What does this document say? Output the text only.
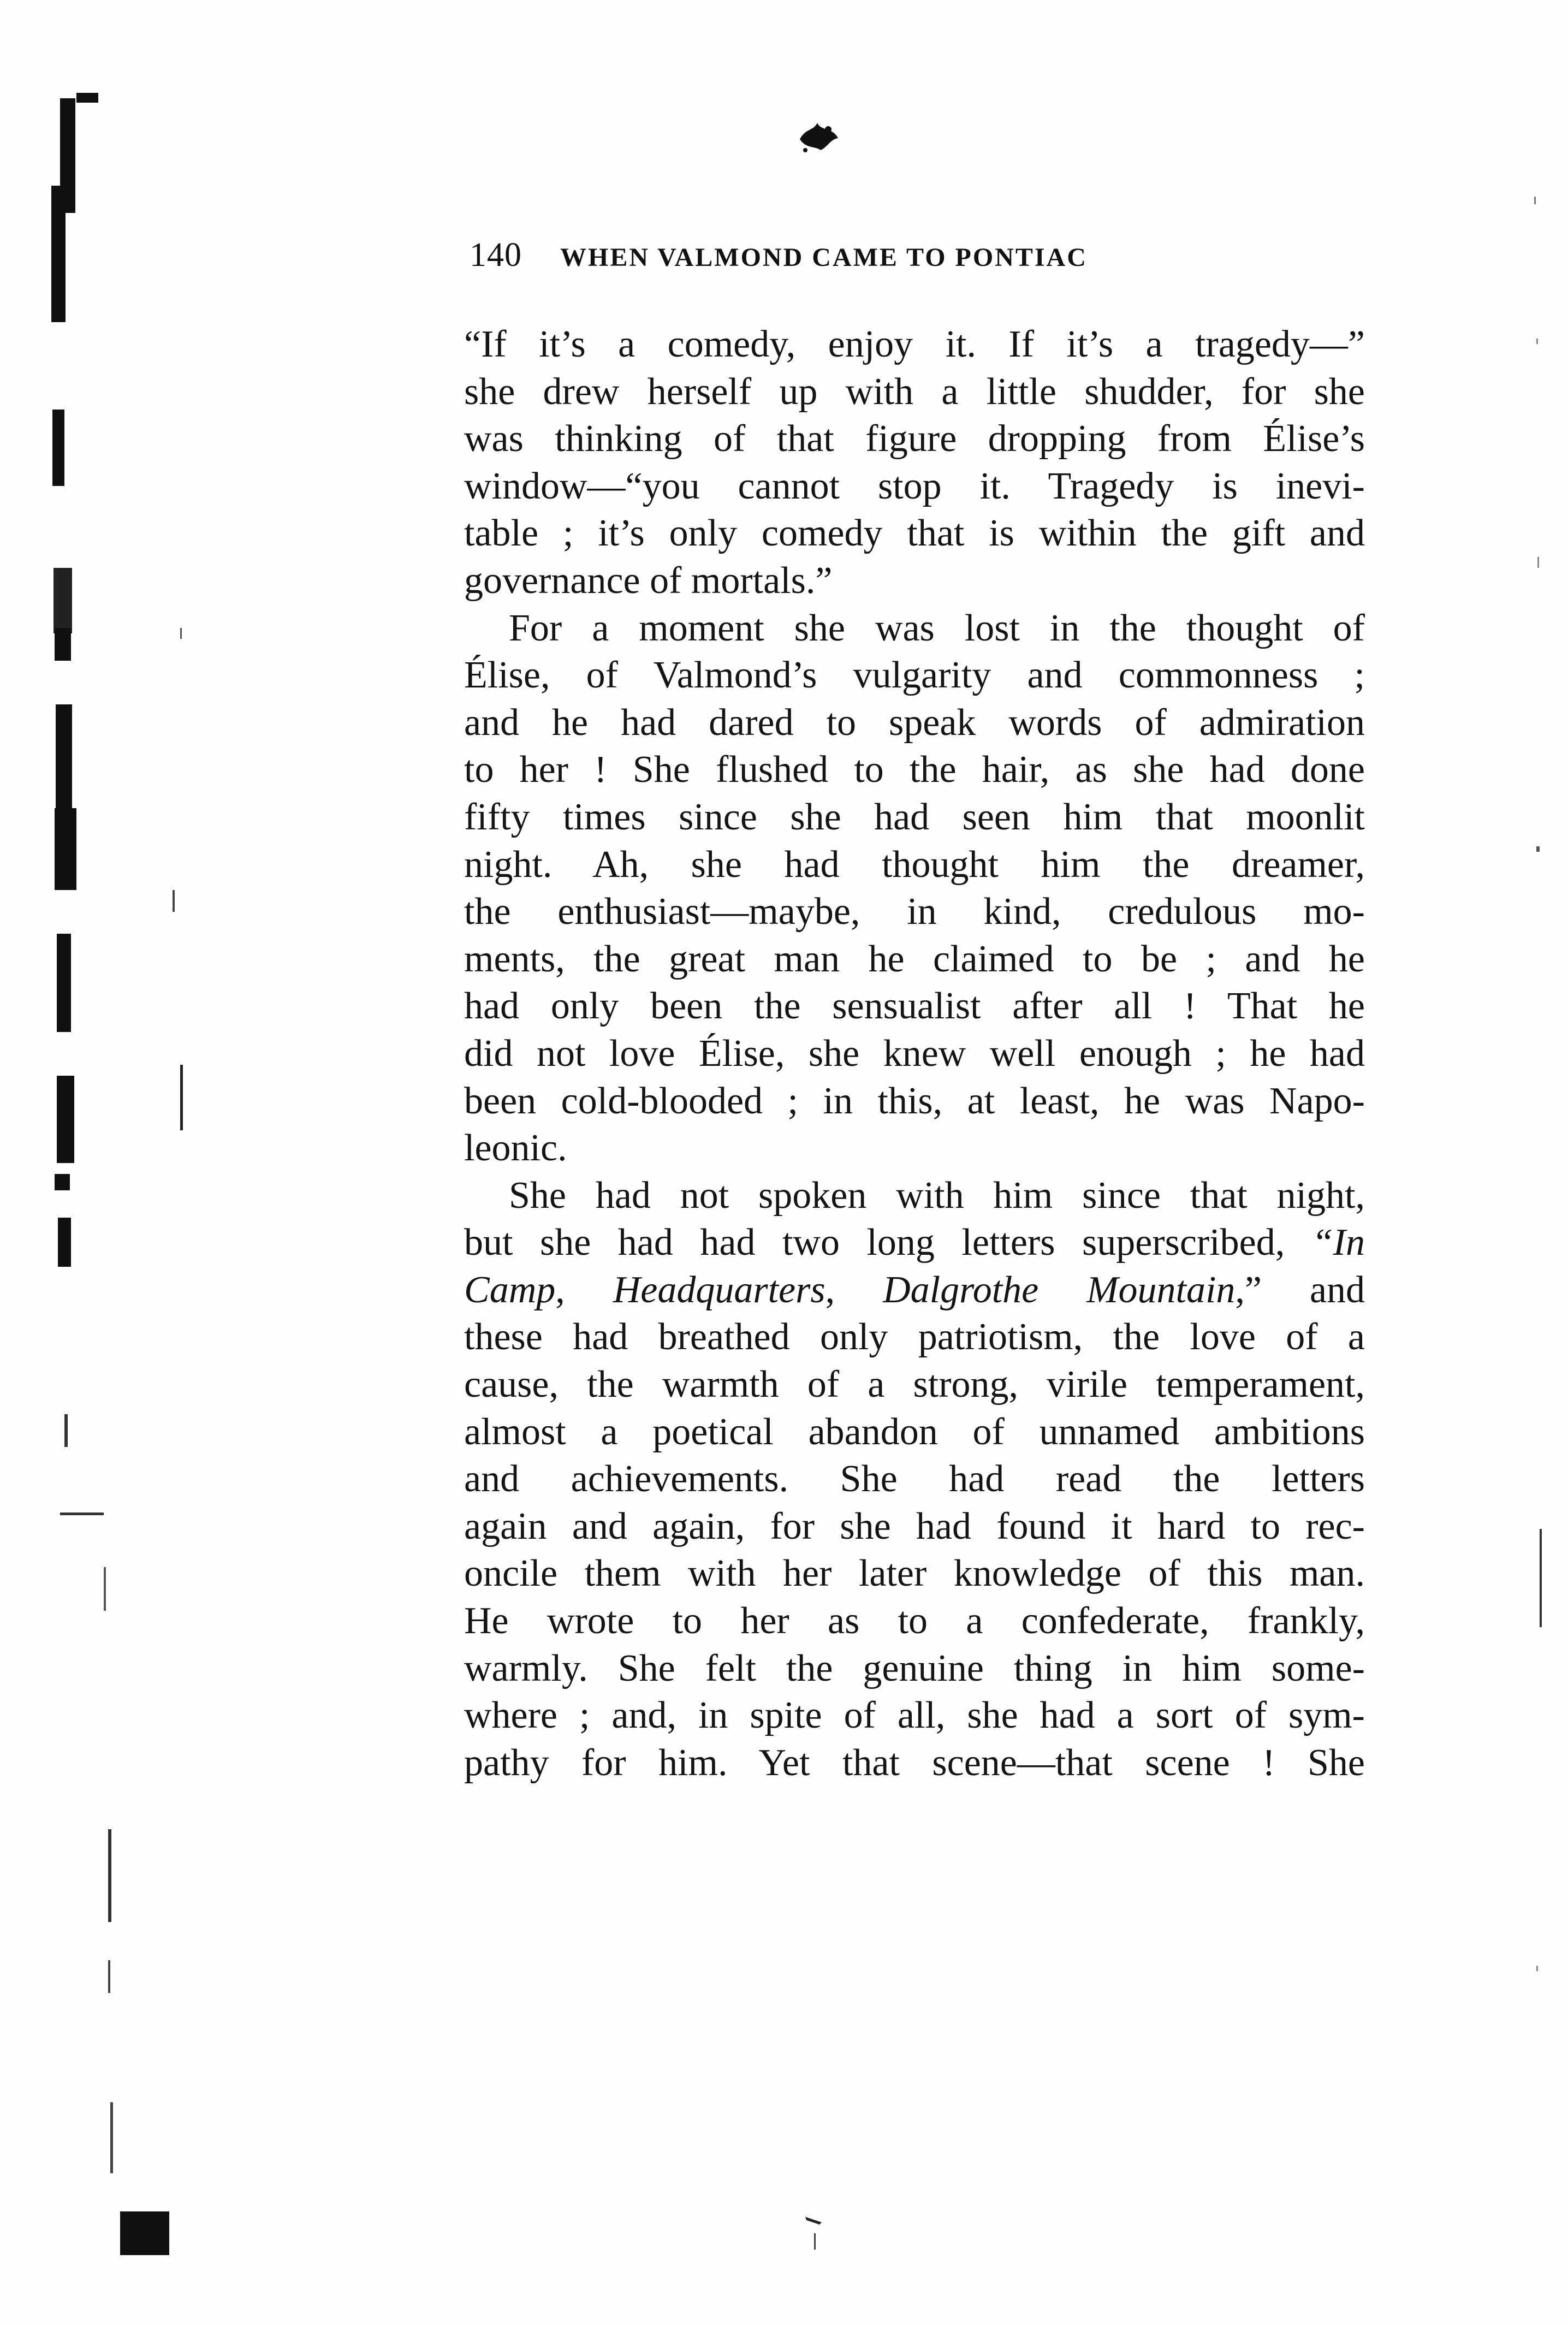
140 WHEN VALMOND CAME TO PONTIAC
“If it’s a comedy, enjoy it. If it’s a tragedy—”
she drew herself up with a little shudder, for she
was thinking of that figure dropping from Élise’s
window—“you cannot stop it. Tragedy is inevi-
table ; it’s only comedy that is within the gift and
governance of mortals.”
For a moment she was lost in the thought of
Élise, of Valmond’s vulgarity and commonness ;
and he had dared to speak words of admiration
to her ! She flushed to the hair, as she had done
fifty times since she had seen him that moonlit
night. Ah, she had thought him the dreamer,
the enthusiast—maybe, in kind, credulous mo-
ments, the great man he claimed to be ; and he
had only been the sensualist after all ! That he
did not love Élise, she knew well enough ; he had
been cold-blooded ; in this, at least, he was Napo-
leonic.
She had not spoken with him since that night,
but she had had two long letters superscribed, “In
Camp, Headquarters, Dalgrothe Mountain,” and
these had breathed only patriotism, the love of a
cause, the warmth of a strong, virile temperament,
almost a poetical abandon of unnamed ambitions
and achievements. She had read the letters
again and again, for she had found it hard to rec-
oncile them with her later knowledge of this man.
He wrote to her as to a confederate, frankly,
warmly. She felt the genuine thing in him some-
where ; and, in spite of all, she had a sort of sym-
pathy for him. Yet that scene—that scene ! She
